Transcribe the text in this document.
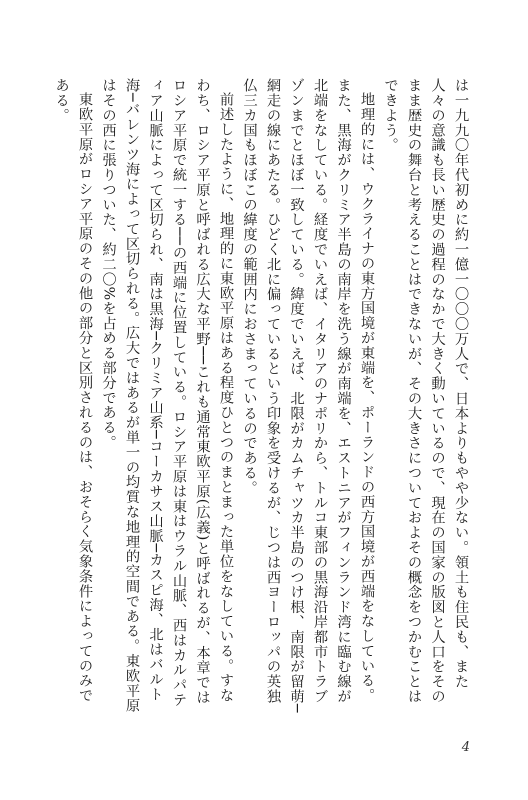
は一九九〇年代初めに約一億一〇〇〇万人で、日本よりもやや少ない。領土も住民も、また人々の意識も長い歴史の過程のなかで大きく動いているので、現在の国家の版図と人口をそのまま歴史の舞台と考えることはできないが、その大きさについておよその概念をつかむことはできよう。

地理的には、ウクライナの東方国境が東端を、ポーランドの西方国境が西端をなしている。また、黒海がクリミア半島の南岸を洗う線が南端を、エストニアがフィンランド湾に臨む線が北端をなしている。経度でいえば、イタリアのナポリから、トルコ東部の黒海沿岸都市トラブゾンまでとほぼ一致している。緯度でいえば、北限がカムチャツカ半島のつけ根、南限が留萌─網走の線にあたる。ひどく北に偏っているという印象を受けるが、じつは西ヨーロッパの英独仏三カ国もほぼこの緯度の範囲内におさまっているのである。

前述したように、地理的に東欧平原はある程度ひとつのまとまった単位をなしている。すなわち、ロシア平原と呼ばれる広大な平野──これも通常東欧平原(広義)と呼ばれるが、本章ではロシア平原で統一する──の西端に位置している。ロシア平原は東はウラル山脈、西はカルパティア山脈によって区切られ、南は黒海─クリミア山系─コーカサス山脈─カスピ海、北はバルト海─バレンツ海によって区切られる。広大ではあるが単一の均質な地理的空間である。東欧平原はその西に張りついた、約二〇%を占める部分である。

東欧平原がロシア平原のその他の部分と区別されるのは、おそらく気象条件によってのみである。

4
